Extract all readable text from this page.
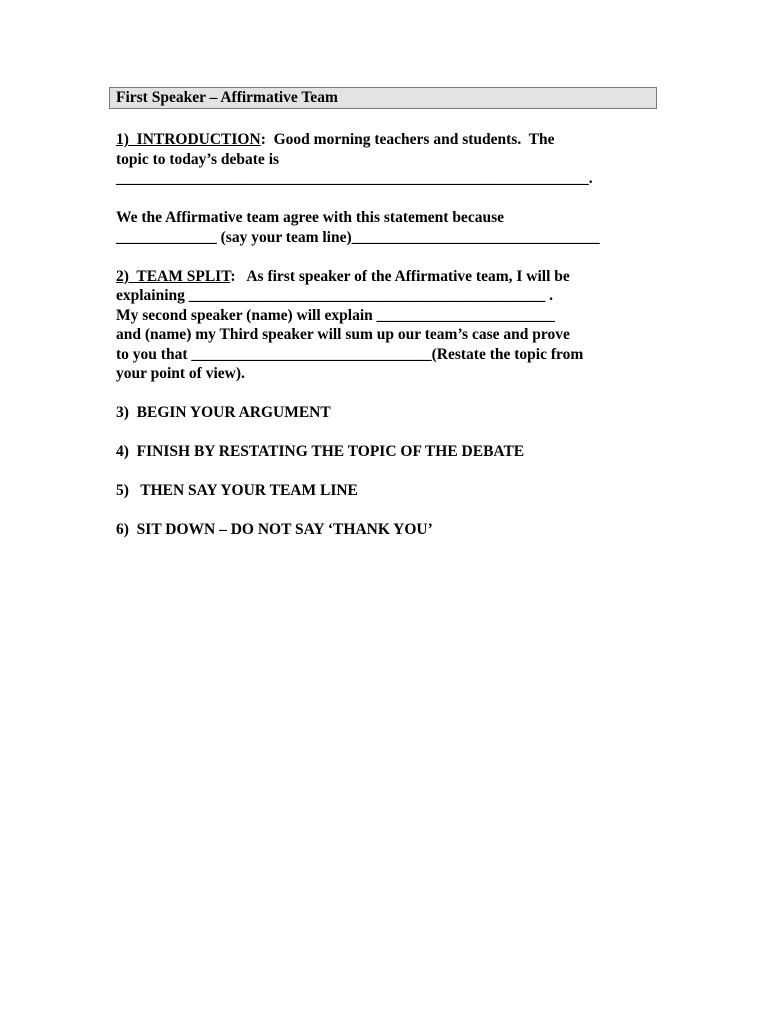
First Speaker – Affirmative Team

1)  INTRODUCTION:  Good morning teachers and students.  The

topic to today’s debate is

_____________________________________________________________.

We the Affirmative team agree with this statement because

_____________ (say your team line)________________________________

2)  TEAM SPLIT:   As first speaker of the Affirmative team, I will be

explaining ______________________________________________ .

My second speaker (name) will explain _______________________

and (name) my Third speaker will sum up our team’s case and prove

to you that _______________________________(Restate the topic from

your point of view).

3)  BEGIN YOUR ARGUMENT

4)  FINISH BY RESTATING THE TOPIC OF THE DEBATE

5)   THEN SAY YOUR TEAM LINE

6)  SIT DOWN – DO NOT SAY ‘THANK YOU’
